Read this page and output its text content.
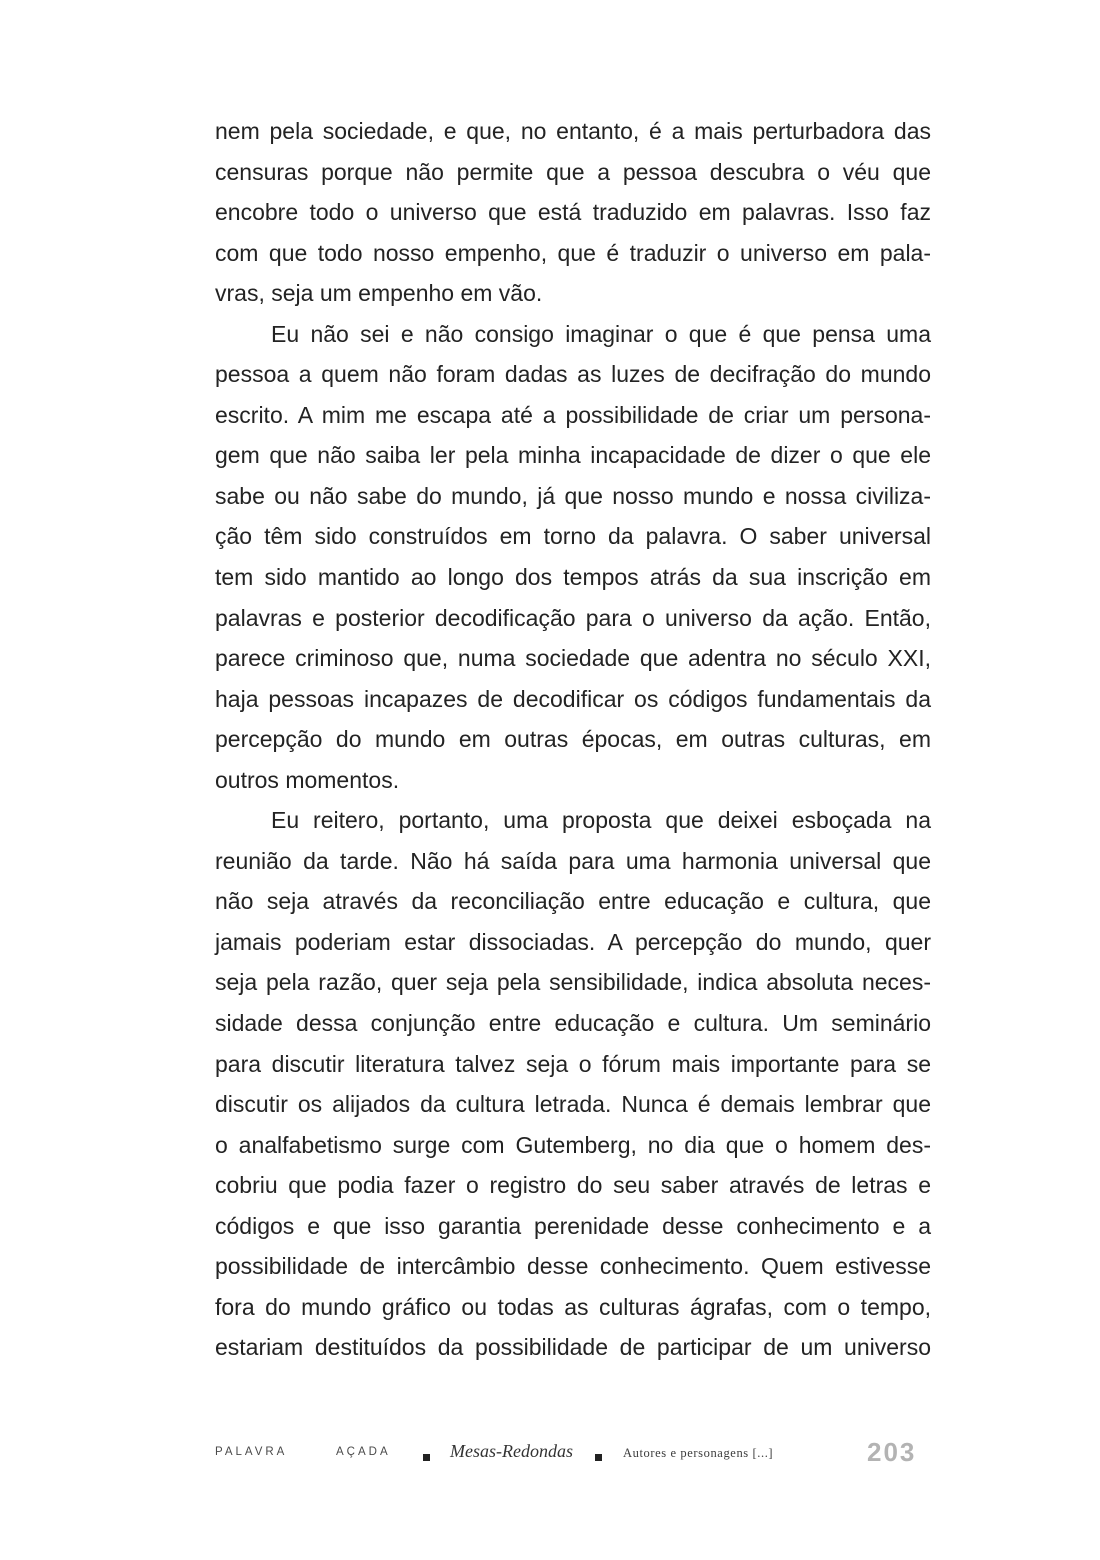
nem pela sociedade, e que, no entanto, é a mais perturbadora das
censuras porque não permite que a pessoa descubra o véu que
encobre todo o universo que está traduzido em palavras. Isso faz
com que todo nosso empenho, que é traduzir o universo em pala-
vras, seja um empenho em vão.
Eu não sei e não consigo imaginar o que é que pensa uma
pessoa a quem não foram dadas as luzes de decifração do mundo
escrito. A mim me escapa até a possibilidade de criar um persona-
gem que não saiba ler pela minha incapacidade de dizer o que ele
sabe ou não sabe do mundo, já que nosso mundo e nossa civiliza-
ção têm sido construídos em torno da palavra. O saber universal
tem sido mantido ao longo dos tempos atrás da sua inscrição em
palavras e posterior decodificação para o universo da ação. Então,
parece criminoso que, numa sociedade que adentra no século XXI,
haja pessoas incapazes de decodificar os códigos fundamentais da
percepção do mundo em outras épocas, em outras culturas, em
outros momentos.
Eu reitero, portanto, uma proposta que deixei esboçada na
reunião da tarde. Não há saída para uma harmonia universal que
não seja através da reconciliação entre educação e cultura, que
jamais poderiam estar dissociadas. A percepção do mundo, quer
seja pela razão, quer seja pela sensibilidade, indica absoluta neces-
sidade dessa conjunção entre educação e cultura. Um seminário
para discutir literatura talvez seja o fórum mais importante para se
discutir os alijados da cultura letrada. Nunca é demais lembrar que
o analfabetismo surge com Gutemberg, no dia que o homem des-
cobriu que podia fazer o registro do seu saber através de letras e
códigos e que isso garantia perenidade desse conhecimento e a
possibilidade de intercâmbio desse conhecimento. Quem estivesse
fora do mundo gráfico ou todas as culturas ágrafas, com o tempo,
estariam destituídos da possibilidade de participar de um universo
PALAVRA	AÇADA	Mesas-Redondas	Autores e personagens [...]	203
